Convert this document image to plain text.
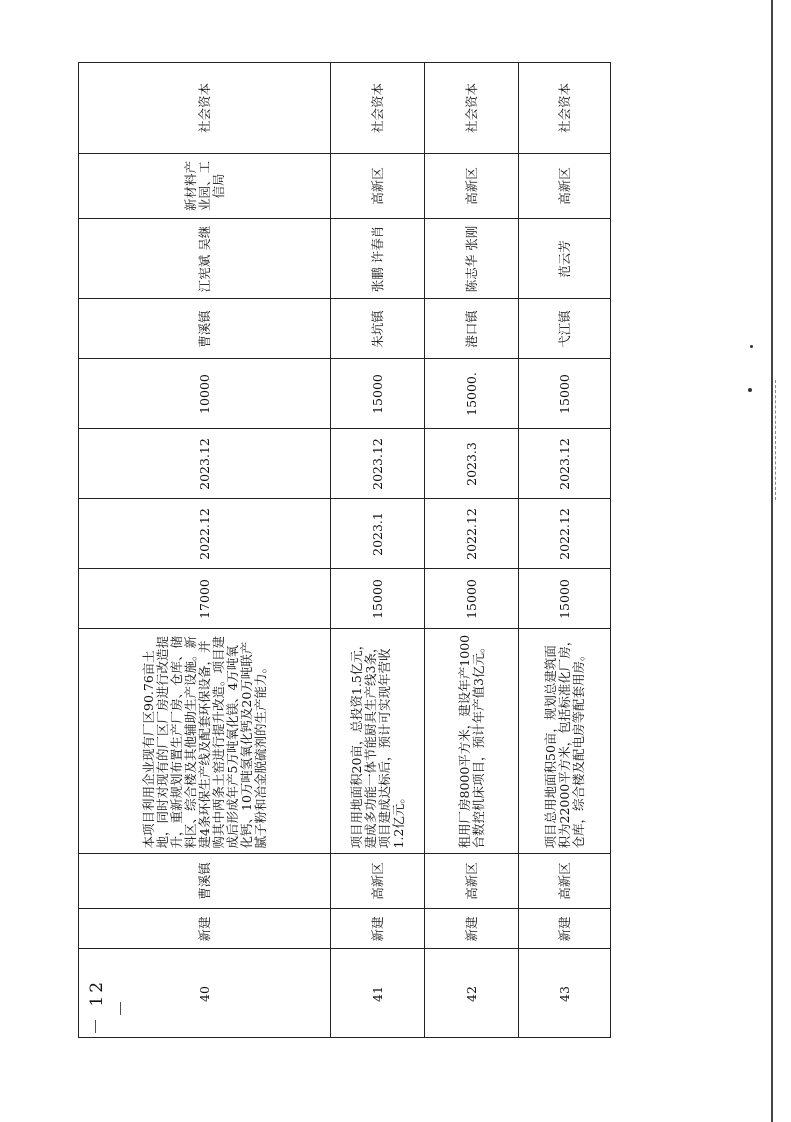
－ 12 －
社会资本
新材料产业园、工信局
江宪斌 吴继
曹溪镇
10000
2023.12
2022.12
17000
本项目利用企业现有厂区90.76亩土地，同时对现有的厂区厂房进行改造提升，重新规划布置生产厂房、仓库、储料区、综合楼及其他辅助生产设施。新建4条环保生产线及配套环保设备，并购其中两条土窑进行提升改造。项目建成后形成年产5万吨氧化镁、4万吨氧化钙、10万吨氢氧化钙及20万吨联产腻子粉和冶金脱硫剂的生产能力。
曹溪镇
新建
40
社会资本
高新区
张鹏 许春肖
朱坑镇
15000
2023.12
2023.1
15000
项目用地面积20亩，总投资1.5亿元，建成多功能一体节能厨具生产线3条，项目建成达标后，预计可实现年营收1.2亿元。
高新区
新建
41
社会资本
高新区
陈志华 张刚
港口镇
15000.
2023.3
2022.12
15000
租用厂房8000平方米，建设年产1000台数控机床项目，预计年产值3亿元。
高新区
新建
42
社会资本
高新区
范云芳
弋江镇
15000
2023.12
2022.12
15000
项目总用地面积50亩，规划总建筑面积为22000平方米，包括标准化厂房，仓库，综合楼及配电房等配套用房。
高新区
新建
43
